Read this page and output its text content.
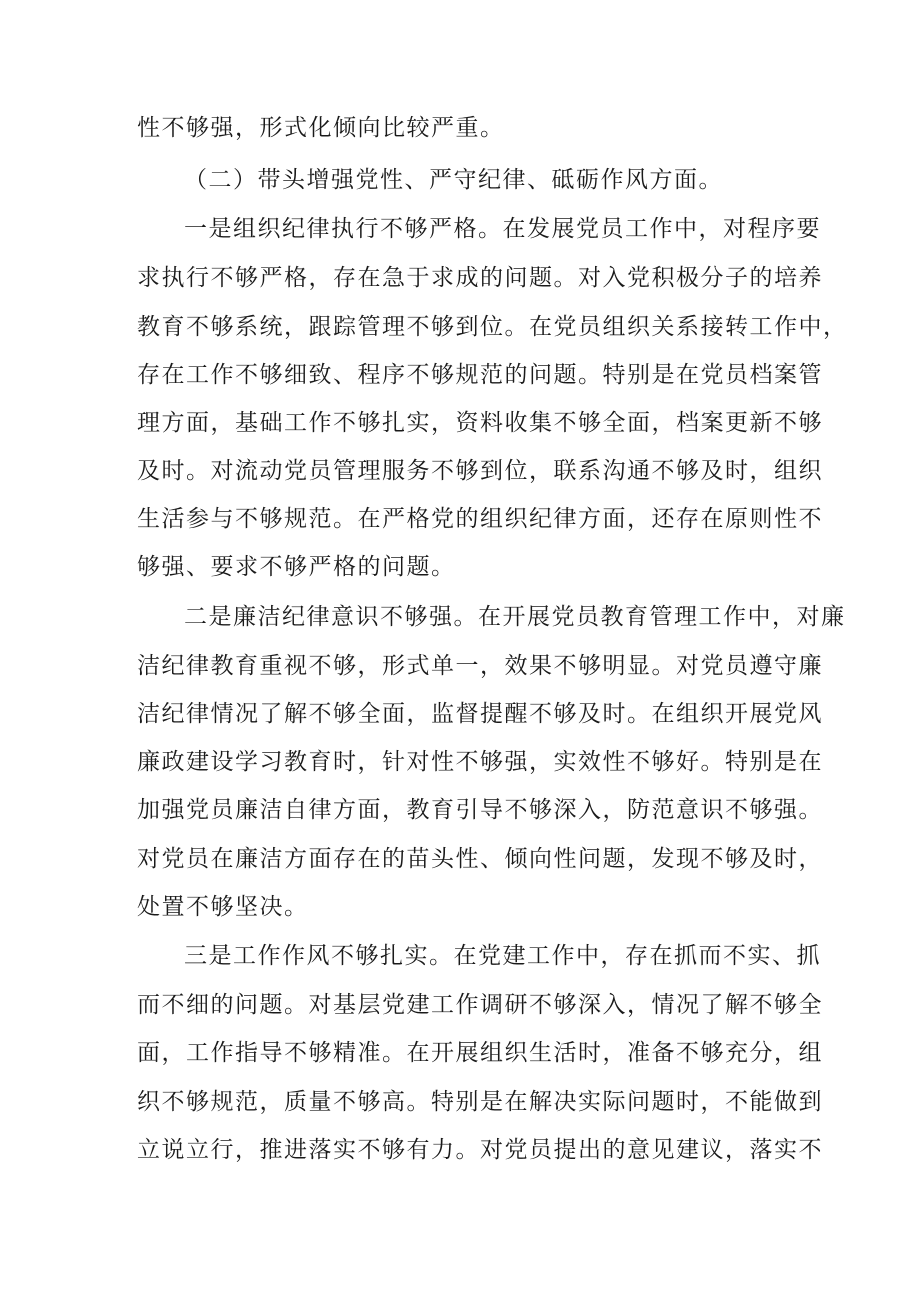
性不够强，形式化倾向比较严重。

（二）带头增强党性、严守纪律、砥砺作风方面。

一是组织纪律执行不够严格。在发展党员工作中，对程序要

求执行不够严格，存在急于求成的问题。对入党积极分子的培养

教育不够系统，跟踪管理不够到位。在党员组织关系接转工作中，

存在工作不够细致、程序不够规范的问题。特别是在党员档案管

理方面，基础工作不够扎实，资料收集不够全面，档案更新不够

及时。对流动党员管理服务不够到位，联系沟通不够及时，组织

生活参与不够规范。在严格党的组织纪律方面，还存在原则性不

够强、要求不够严格的问题。

二是廉洁纪律意识不够强。在开展党员教育管理工作中，对廉

洁纪律教育重视不够，形式单一，效果不够明显。对党员遵守廉

洁纪律情况了解不够全面，监督提醒不够及时。在组织开展党风

廉政建设学习教育时，针对性不够强，实效性不够好。特别是在

加强党员廉洁自律方面，教育引导不够深入，防范意识不够强。

对党员在廉洁方面存在的苗头性、倾向性问题，发现不够及时，

处置不够坚决。

三是工作作风不够扎实。在党建工作中，存在抓而不实、抓

而不细的问题。对基层党建工作调研不够深入，情况了解不够全

面，工作指导不够精准。在开展组织生活时，准备不够充分，组

织不够规范，质量不够高。特别是在解决实际问题时，不能做到

立说立行，推进落实不够有力。对党员提出的意见建议，落实不
